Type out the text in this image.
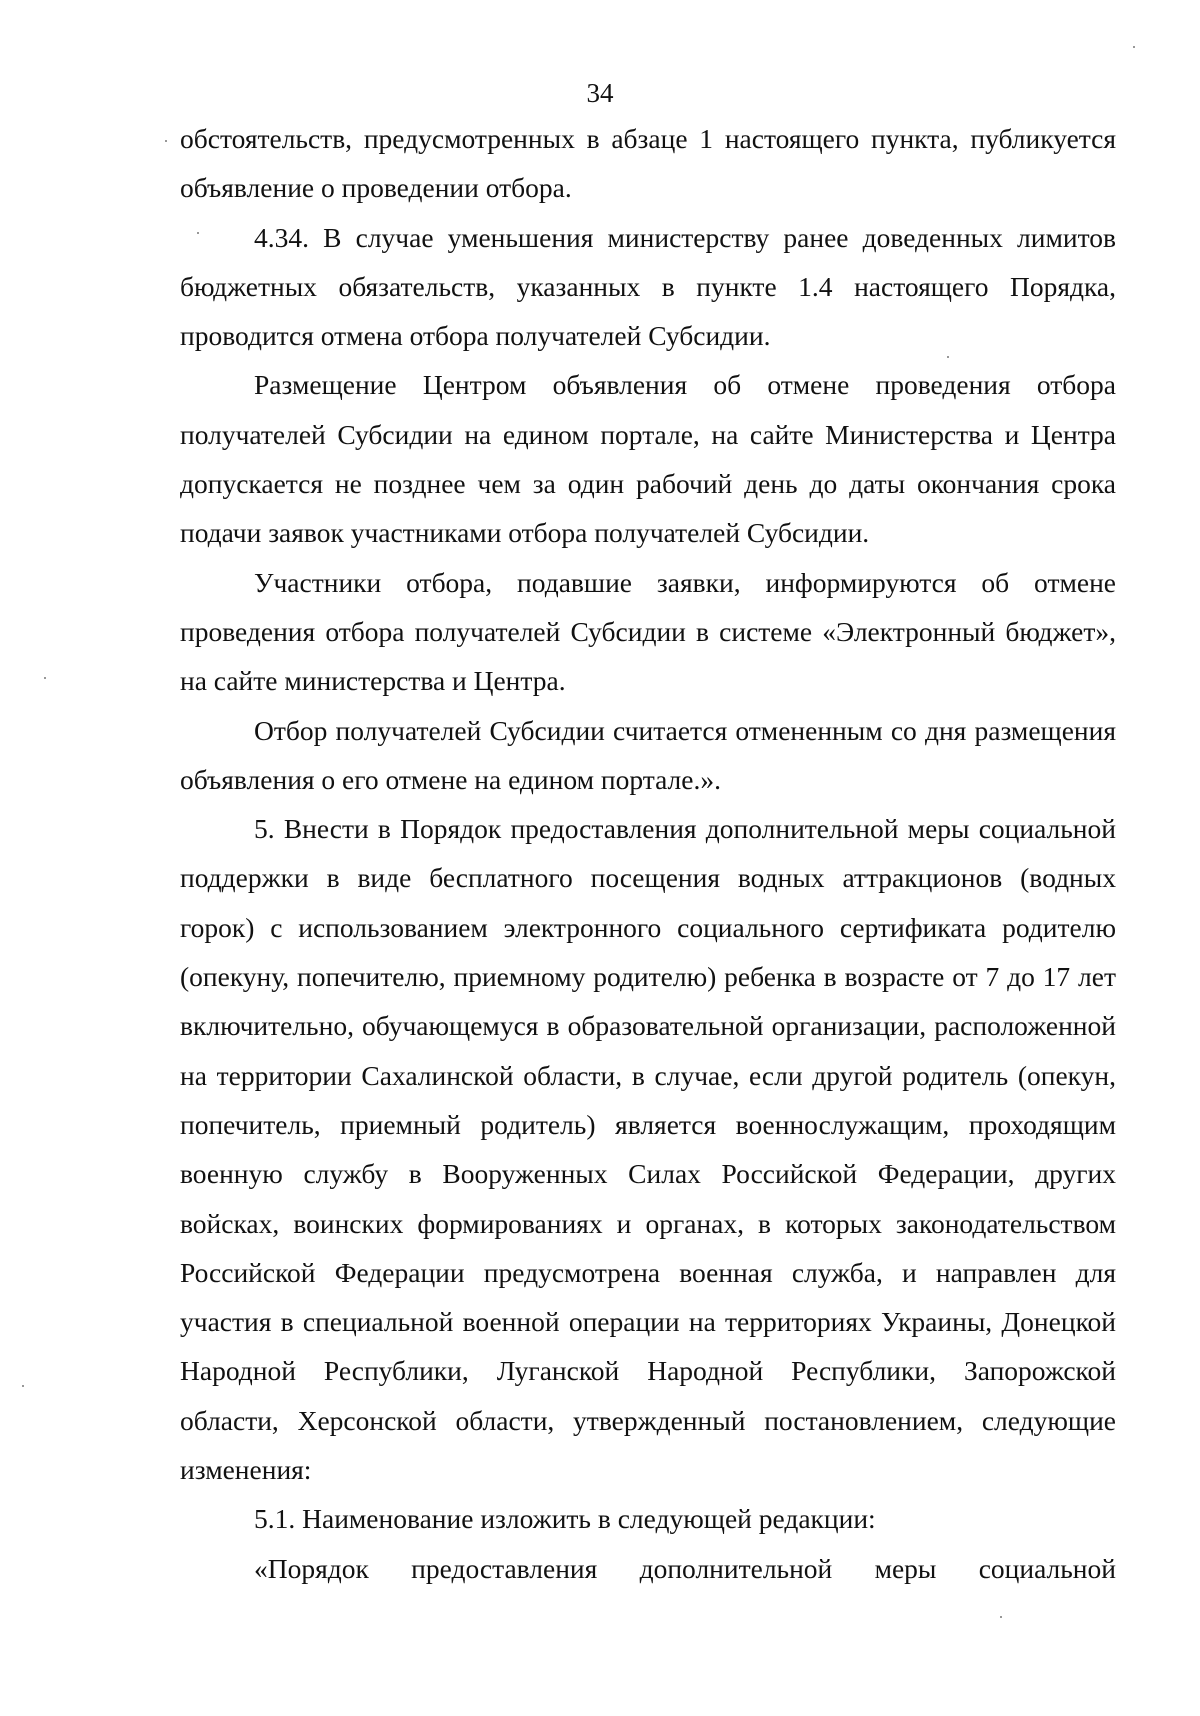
34

обстоятельств, предусмотренных в абзаце 1 настоящего пункта, публикуется объявление о проведении отбора.

4.34. В случае уменьшения министерству ранее доведенных лимитов бюджетных обязательств, указанных в пункте 1.4 настоящего Порядка, проводится отмена отбора получателей Субсидии.

Размещение Центром объявления об отмене проведения отбора получателей Субсидии на едином портале, на сайте Министерства и Центра допускается не позднее чем за один рабочий день до даты окончания срока подачи заявок участниками отбора получателей Субсидии.

Участники отбора, подавшие заявки, информируются об отмене проведения отбора получателей Субсидии в системе «Электронный бюджет», на сайте министерства и Центра.

Отбор получателей Субсидии считается отмененным со дня размещения объявления о его отмене на едином портале.».

5. Внести в Порядок предоставления дополнительной меры социальной поддержки в виде бесплатного посещения водных аттракционов (водных горок) с использованием электронного социального сертификата родителю (опекуну, попечителю, приемному родителю) ребенка в возрасте от 7 до 17 лет включительно, обучающемуся в образовательной организации, расположенной на территории Сахалинской области, в случае, если другой родитель (опекун, попечитель, приемный родитель) является военнослужащим, проходящим военную службу в Вооруженных Силах Российской Федерации, других войсках, воинских формированиях и органах, в которых законодательством Российской Федерации предусмотрена военная служба, и направлен для участия в специальной военной операции на территориях Украины, Донецкой Народной Республики, Луганской Народной Республики, Запорожской области, Херсонской области, утвержденный постановлением, следующие изменения:

5.1. Наименование изложить в следующей редакции:

«Порядок предоставления дополнительной меры социальной
